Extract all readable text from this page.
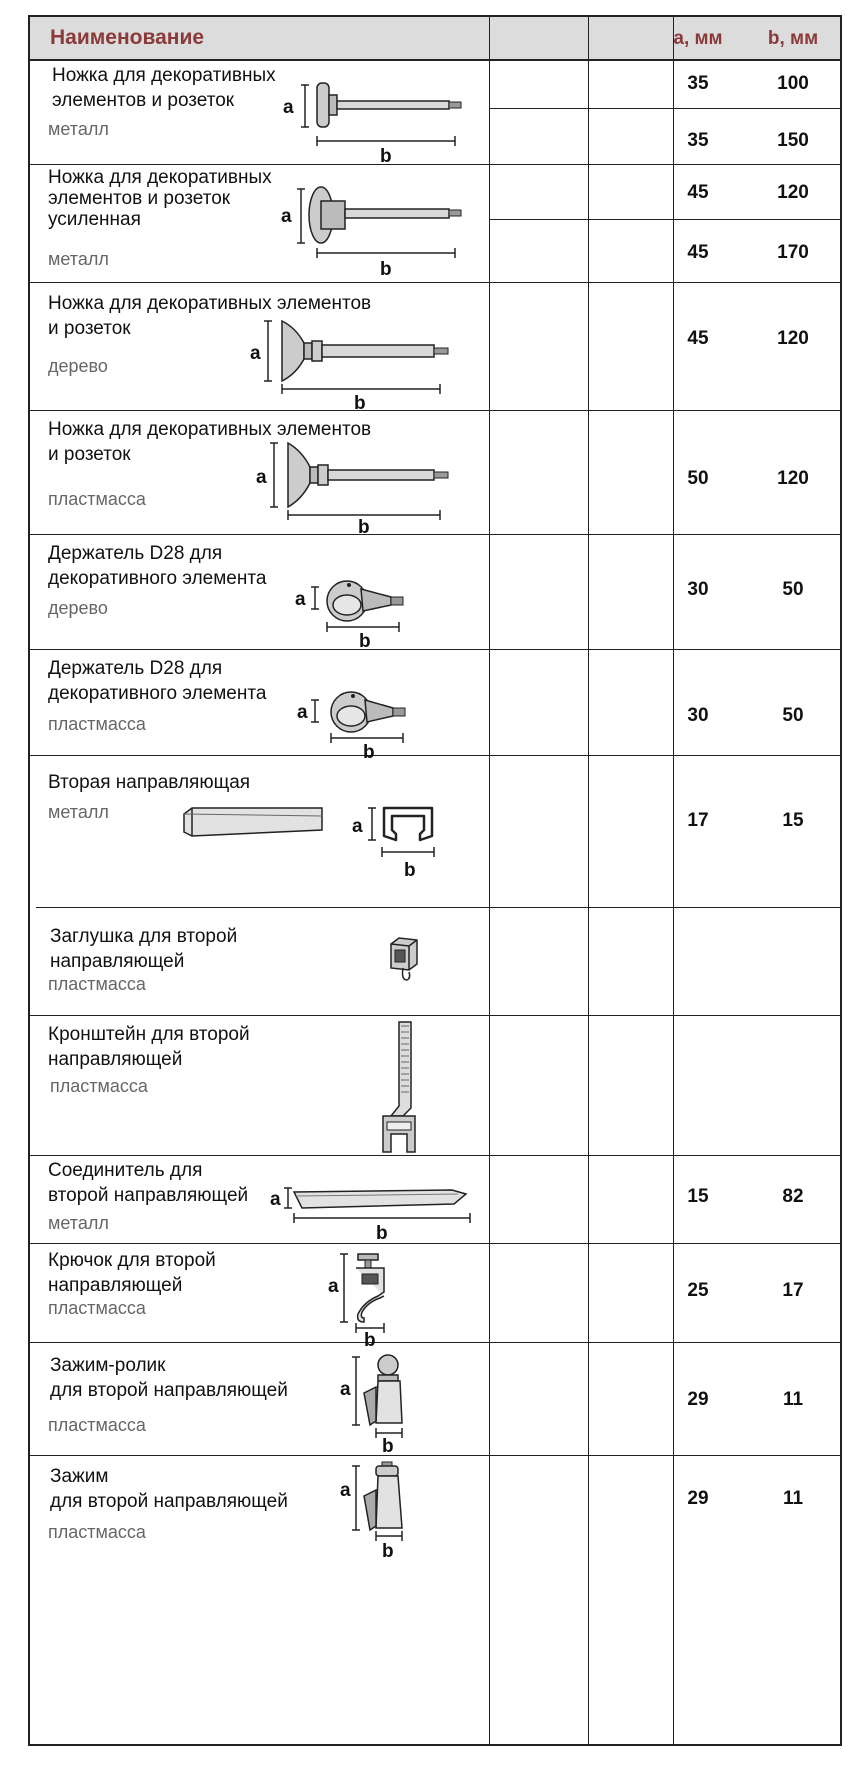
Наименование	a, мм	b, мм
Ножка для декоративных
элементов и розеток
металл
35	100
35	150
a
b
Ножка для декоративных
элементов и розеток
усиленная
металл
45	120
45	170
a
b
Ножка для декоративных элементов
и розеток
дерево
45	120
a
b
Ножка для декоративных элементов
и розеток
пластмасса
50	120
a
b
Держатель D28 для
декоративного элемента
дерево
30	50
a
b
Держатель D28 для
декоративного элемента
пластмасса	30	50
a
b
Вторая направляющая
металл	17	15
a
b
Заглушка для второй
направляющей
пластмасса
Кронштейн для второй
направляющей
пластмасса
Соединитель для
второй направляющей
металл
15	82
a
b
Крючок для второй
направляющей
пластмасса
25	17
a
b
Зажим-ролик
для второй направляющей
пластмасса
29	11
a
b
Зажим
для второй направляющей
пластмасса
29	11
a
b
